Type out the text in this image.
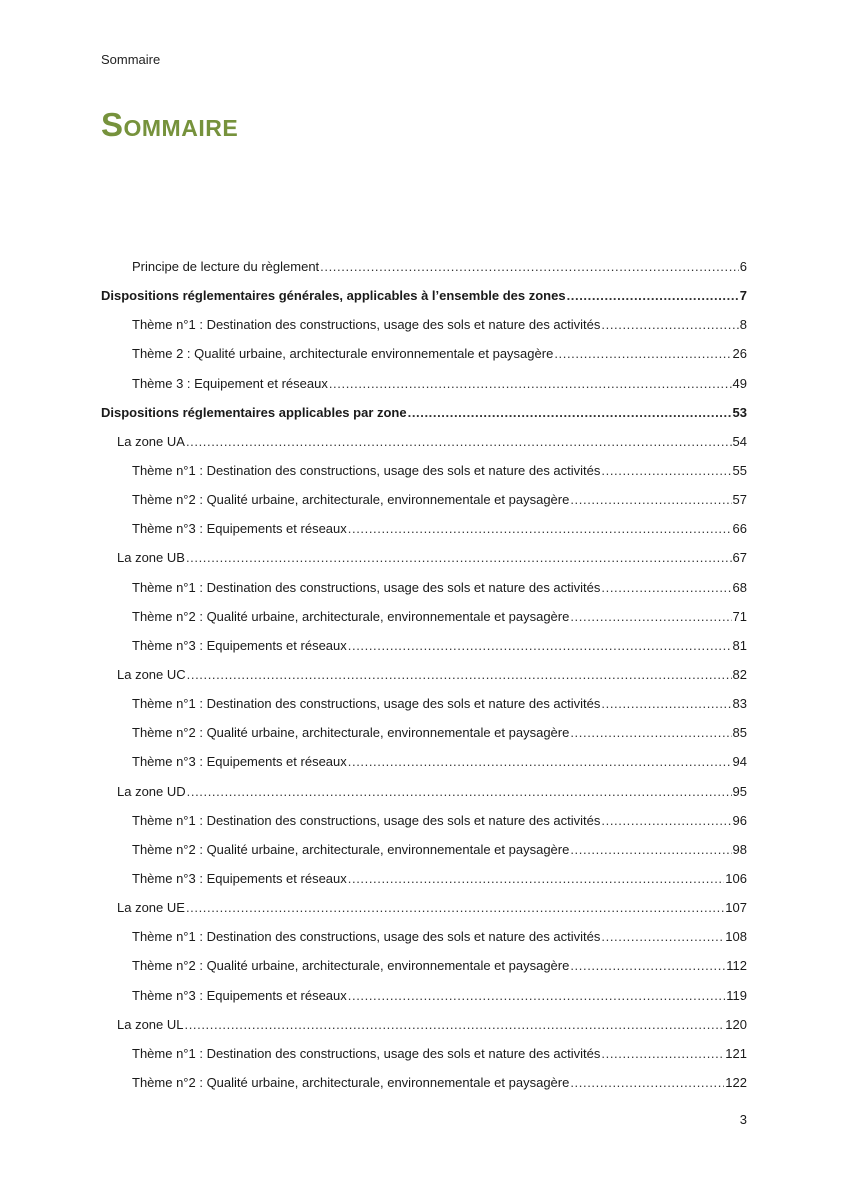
Sommaire
Sommaire
Principe de lecture du règlement .....	6
Dispositions réglementaires générales, applicables à l’ensemble des zones .....	7
Thème n°1 : Destination des constructions, usage des sols et nature des activités .....	8
Thème 2 : Qualité urbaine, architecturale environnementale et paysagère .....	26
Thème 3 : Equipement et réseaux .....	49
Dispositions réglementaires applicables par zone .....	53
La zone UA .....	54
Thème n°1 : Destination des constructions, usage des sols et nature des activités .....	55
Thème n°2 : Qualité urbaine, architecturale, environnementale et paysagère .....	57
Thème n°3 : Equipements et réseaux .....	66
La zone UB .....	67
Thème n°1 : Destination des constructions, usage des sols et nature des activités .....	68
Thème n°2 : Qualité urbaine, architecturale, environnementale et paysagère .....	71
Thème n°3 : Equipements et réseaux .....	81
La zone UC .....	82
Thème n°1 : Destination des constructions, usage des sols et nature des activités .....	83
Thème n°2 : Qualité urbaine, architecturale, environnementale et paysagère .....	85
Thème n°3 : Equipements et réseaux .....	94
La zone UD .....	95
Thème n°1 : Destination des constructions, usage des sols et nature des activités .....	96
Thème n°2 : Qualité urbaine, architecturale, environnementale et paysagère .....	98
Thème n°3 : Equipements et réseaux .....	106
La zone UE .....	107
Thème n°1 : Destination des constructions, usage des sols et nature des activités .....	108
Thème n°2 : Qualité urbaine, architecturale, environnementale et paysagère .....	112
Thème n°3 : Equipements et réseaux .....	119
La zone UL .....	120
Thème n°1 : Destination des constructions, usage des sols et nature des activités .....	121
Thème n°2 : Qualité urbaine, architecturale, environnementale et paysagère .....	122
3
